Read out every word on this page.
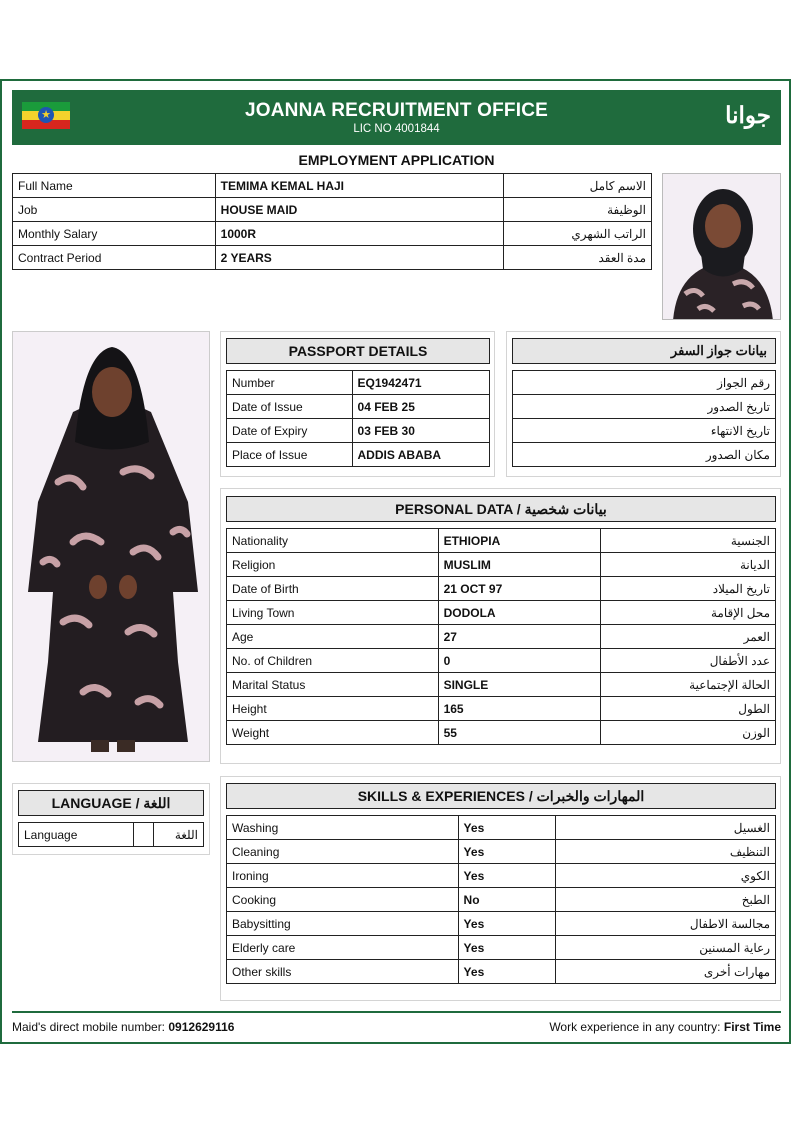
★	JOANNA RECRUITMENT OFFICE
LIC NO 4001844
جوانا
EMPLOYMENT APPLICATION
Full Name	TEMIMA KEMAL HAJI	الاسم كامل
Job	HOUSE MAID	الوظيفة
Monthly Salary	1000R	الراتب الشهري
Contract Period	2 YEARS	مدة العقد
PASSPORT DETAILS
Number	EQ1942471
Date of Issue	04 FEB 25
Date of Expiry	03 FEB 30
Place of Issue	ADDIS ABABA
بيانات جواز السفر
رقم الجواز
تاريخ الصدور
تاريخ الانتهاء
مكان الصدور
PERSONAL DATA / بيانات شخصية
Nationality	ETHIOPIA	الجنسية
Religion	MUSLIM	الديانة
Date of Birth	21 OCT 97	تاريخ الميلاد
Living Town	DODOLA	محل الإقامة
Age	27	العمر
No. of Children	0	عدد الأطفال
Marital Status	SINGLE	الحالة الإجتماعية
Height	165	الطول
Weight	55	الوزن
LANGUAGE / اللغة
Language		اللغة
SKILLS & EXPERIENCES / المهارات والخبرات
Washing	Yes	الغسيل
Cleaning	Yes	التنظيف
Ironing	Yes	الكوي
Cooking	No	الطبخ
Babysitting	Yes	مجالسة الاطفال
Elderly care	Yes	رعاية المسنين
Other skills	Yes	مهارات أخرى
Maid's direct mobile number: 0912629116	Work experience in any country: First Time
